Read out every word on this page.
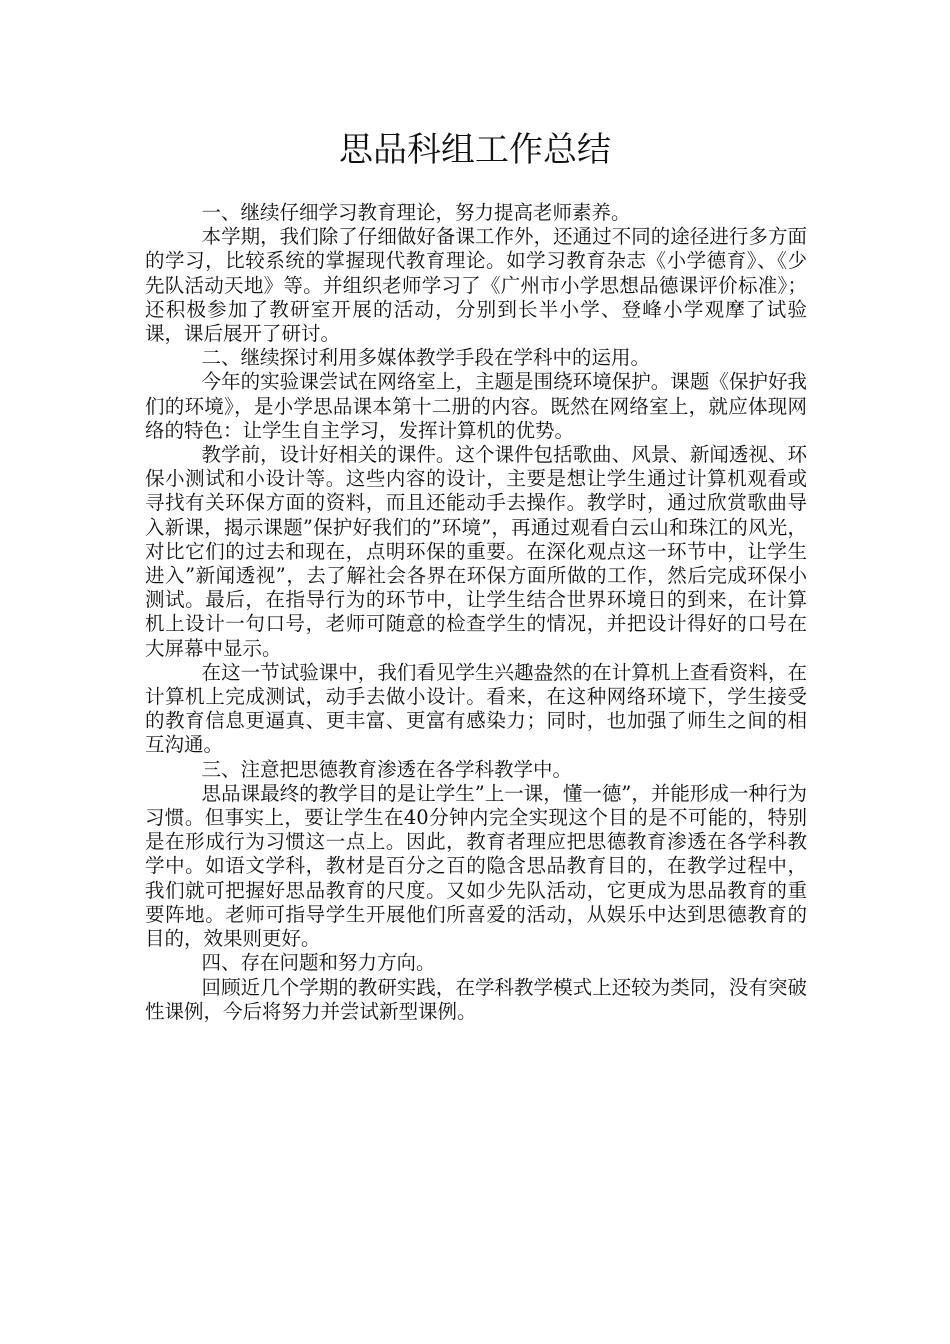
思品科组工作总结

一、继续仔细学习教育理论，努力提高老师素养。

本学期，我们除了仔细做好备课工作外，还通过不同的途径进行多方面的学习，比较系统的掌握现代教育理论。如学习教育杂志《小学德育》、《少先队活动天地》等。并组织老师学习了《广州市小学思想品德课评价标准》；还积极参加了教研室开展的活动，分别到长半小学、登峰小学观摩了试验课，课后展开了研讨。

二、继续探讨利用多媒体教学手段在学科中的运用。

今年的实验课尝试在网络室上，主题是围绕环境保护。课题《保护好我们的环境》，是小学思品课本第十二册的内容。既然在网络室上，就应体现网络的特色：让学生自主学习，发挥计算机的优势。

教学前，设计好相关的课件。这个课件包括歌曲、风景、新闻透视、环保小测试和小设计等。这些内容的设计，主要是想让学生通过计算机观看或寻找有关环保方面的资料，而且还能动手去操作。教学时，通过欣赏歌曲导入新课，揭示课题”保护好我们的”环境”，再通过观看白云山和珠江的风光，对比它们的过去和现在，点明环保的重要。在深化观点这一环节中，让学生进入”新闻透视”，去了解社会各界在环保方面所做的工作，然后完成环保小测试。最后，在指导行为的环节中，让学生结合世界环境日的到来，在计算机上设计一句口号，老师可随意的检查学生的情况，并把设计得好的口号在大屏幕中显示。

在这一节试验课中，我们看见学生兴趣盎然的在计算机上查看资料，在计算机上完成测试，动手去做小设计。看来，在这种网络环境下，学生接受的教育信息更逼真、更丰富、更富有感染力；同时，也加强了师生之间的相互沟通。

三、注意把思德教育渗透在各学科教学中。

思品课最终的教学目的是让学生”上一课，懂一德”，并能形成一种行为习惯。但事实上，要让学生在40分钟内完全实现这个目的是不可能的，特别是在形成行为习惯这一点上。因此，教育者理应把思德教育渗透在各学科教学中。如语文学科，教材是百分之百的隐含思品教育目的，在教学过程中，我们就可把握好思品教育的尺度。又如少先队活动，它更成为思品教育的重要阵地。老师可指导学生开展他们所喜爱的活动，从娱乐中达到思德教育的目的，效果则更好。

四、存在问题和努力方向。

回顾近几个学期的教研实践，在学科教学模式上还较为类同，没有突破性课例，今后将努力并尝试新型课例。
